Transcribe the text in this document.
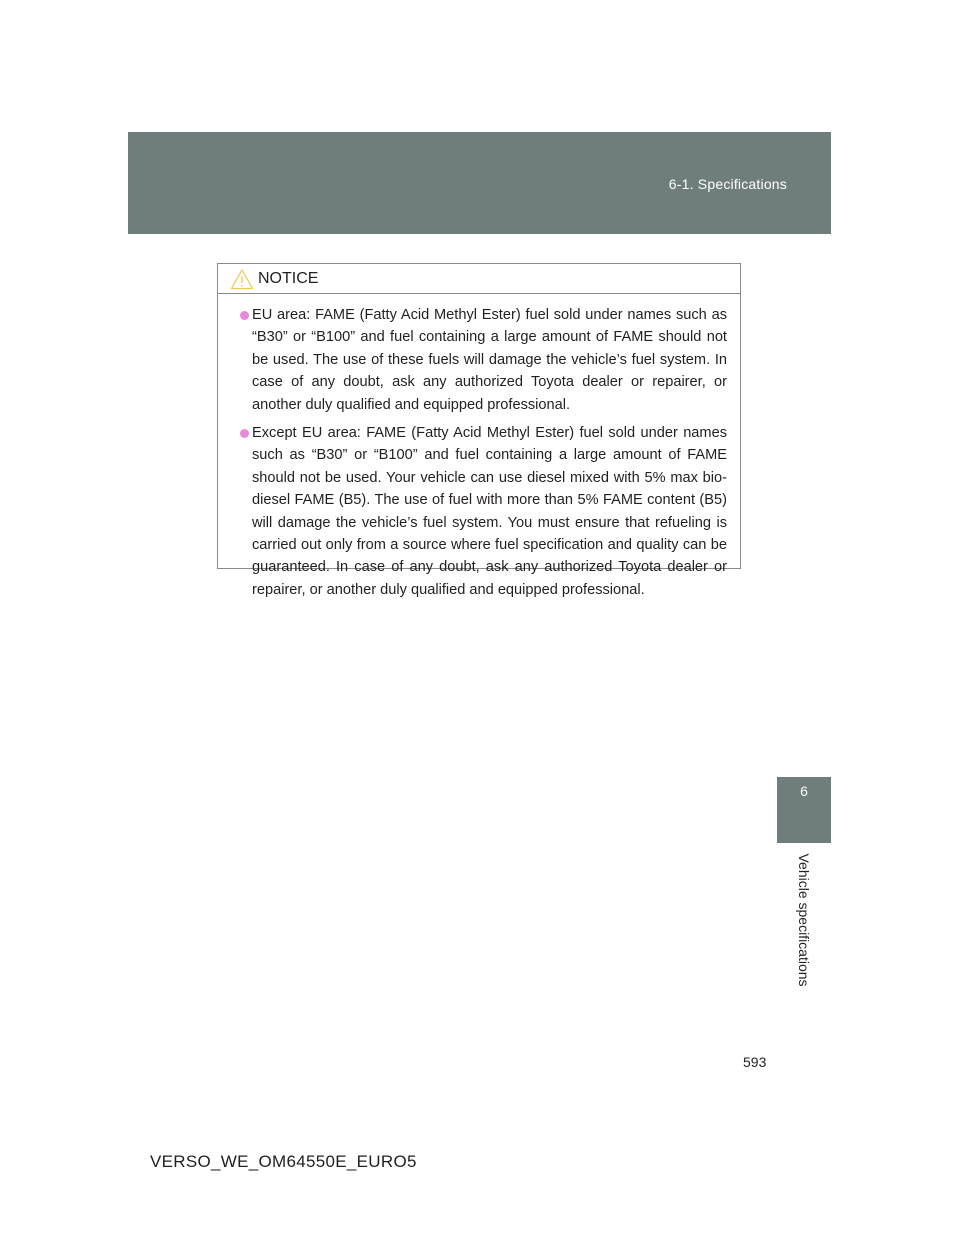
6-1. Specifications
6
Vehicle specifications
NOTICE
EU area: FAME (Fatty Acid Methyl Ester) fuel sold under names such as “B30” or “B100” and fuel containing a large amount of FAME should not be used. The use of these fuels will damage the vehicle’s fuel system. In case of any doubt, ask any authorized Toyota dealer or repairer, or another duly qualified and equipped professional.
Except EU area: FAME (Fatty Acid Methyl Ester) fuel sold under names such as “B30” or “B100” and fuel containing a large amount of FAME should not be used. Your vehicle can use diesel mixed with 5% max bio-diesel FAME (B5). The use of fuel with more than 5% FAME content (B5) will damage the vehicle’s fuel system. You must ensure that refueling is carried out only from a source where fuel specification and quality can be guaranteed. In case of any doubt, ask any authorized Toyota dealer or repairer, or another duly qualified and equipped professional.
593
VERSO_WE_OM64550E_EURO5
